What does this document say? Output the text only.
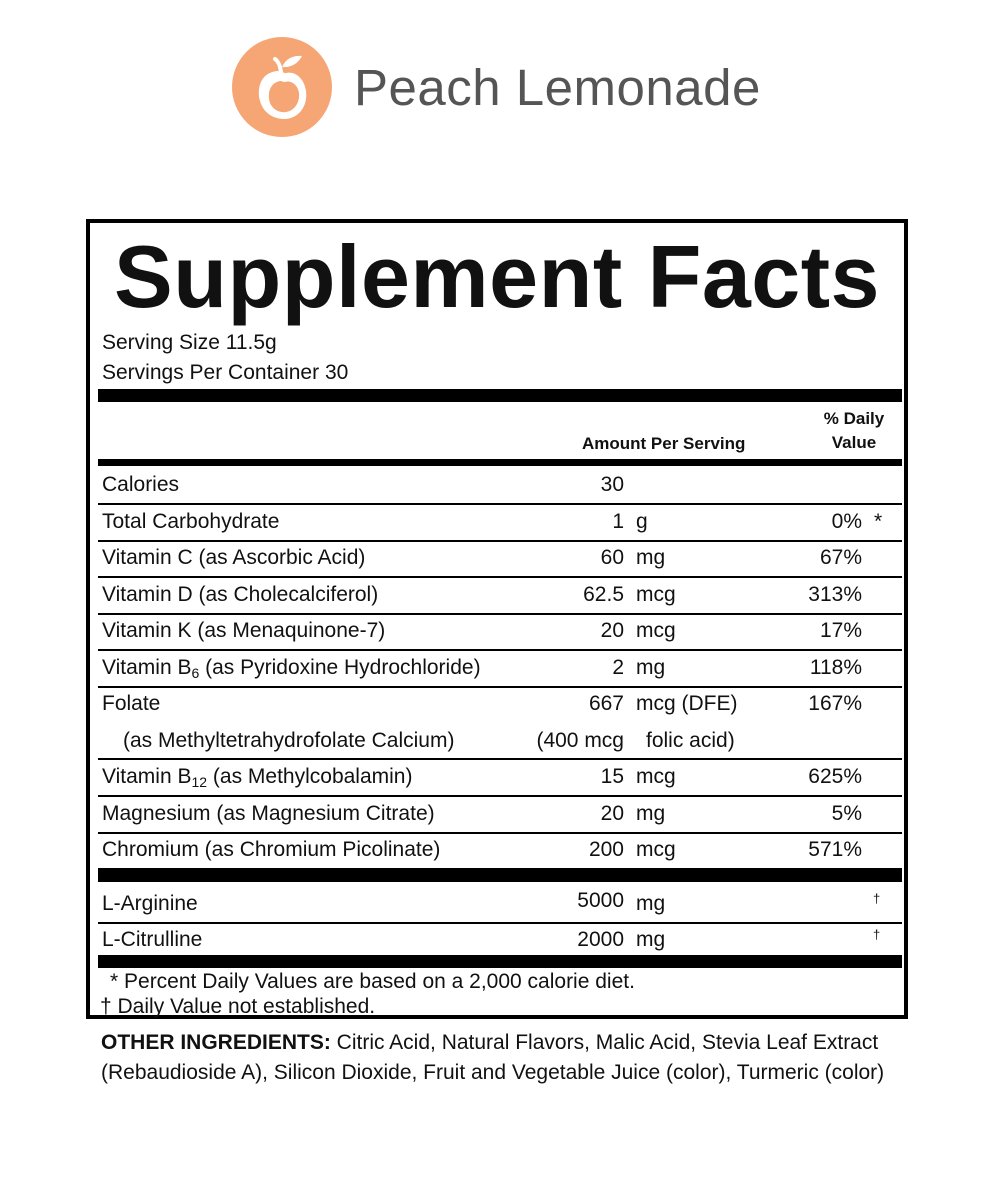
Peach Lemonade
Supplement Facts
Serving Size 11.5g
Servings Per Container 30
% Daily
Value
Amount Per Serving
Calories	30
Total Carbohydrate	1 g	0% *
Vitamin C (as Ascorbic Acid)	60 mg	67%
Vitamin D (as Cholecalciferol)	62.5 mcg	313%
Vitamin K (as Menaquinone-7)	20 mcg	17%
Vitamin $B_6$ (as Pyridoxine Hydrochloride)	2 mg	118%
Folate	667 mcg (DFE)	167%
(as Methyltetrahydrofolate Calcium)	(400 mcg folic acid)
Vitamin $B_{12}$ (as Methylcobalamin)	15 mcg	625%
Magnesium (as Magnesium Citrate)	20 mg	5%
Chromium (as Chromium Picolinate)	200 mcg	571%
L-Arginine	5000 mg	†
L-Citrulline	2000 mg	†
* Percent Daily Values are based on a 2,000 calorie diet.
† Daily Value not established.
OTHER INGREDIENTS: Citric Acid, Natural Flavors, Malic Acid, Stevia Leaf Extract (Rebaudioside A), Silicon Dioxide, Fruit and Vegetable Juice (color), Turmeric (color)
